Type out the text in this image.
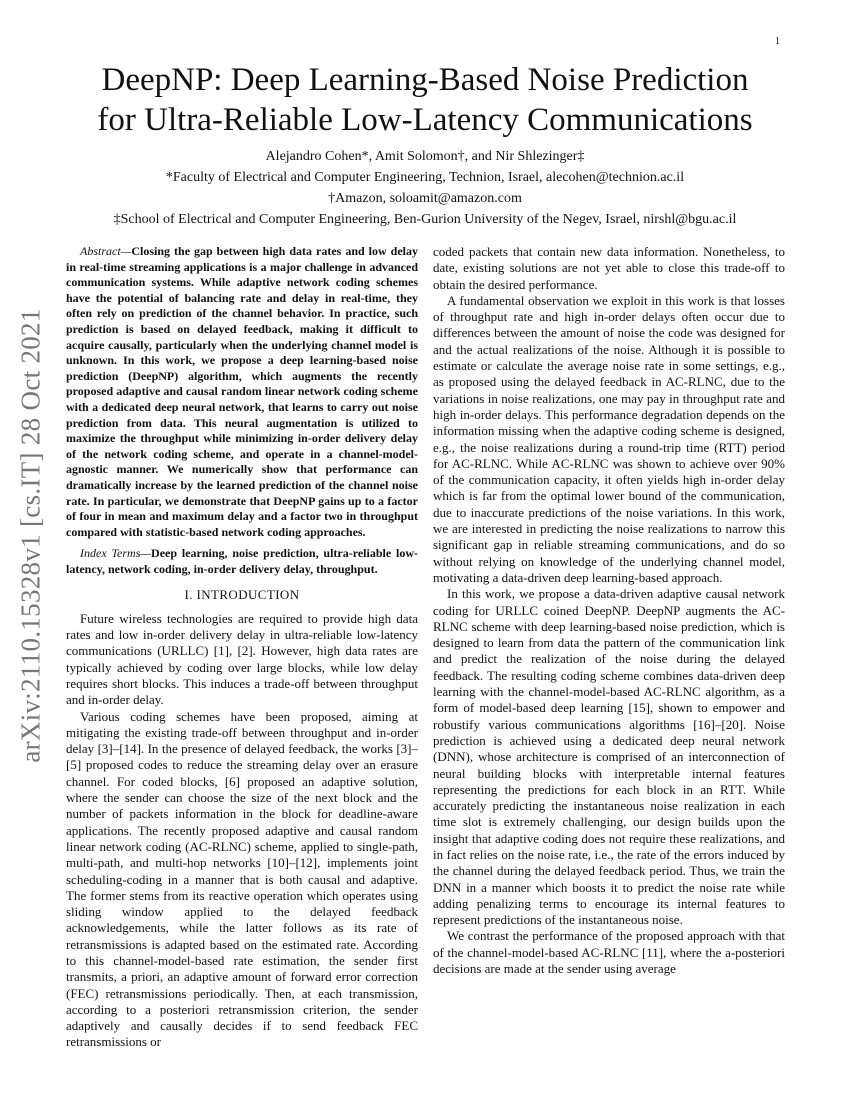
1
arXiv:2110.15328v1 [cs.IT] 28 Oct 2021
DeepNP: Deep Learning-Based Noise Prediction
for Ultra-Reliable Low-Latency Communications
Alejandro Cohen*, Amit Solomon†, and Nir Shlezinger‡
*Faculty of Electrical and Computer Engineering, Technion, Israel, alecohen@technion.ac.il
†Amazon, soloamit@amazon.com
‡School of Electrical and Computer Engineering, Ben-Gurion University of the Negev, Israel, nirshl@bgu.ac.il

Abstract—Closing the gap between high data rates and low delay in real-time streaming applications is a major challenge in advanced communication systems. While adaptive network coding schemes have the potential of balancing rate and delay in real-time, they often rely on prediction of the channel behavior. In practice, such prediction is based on delayed feedback, making it difficult to acquire causally, particularly when the underlying channel model is unknown. In this work, we propose a deep learning-based noise prediction (DeepNP) algorithm, which augments the recently proposed adaptive and causal random linear network coding scheme with a dedicated deep neural network, that learns to carry out noise prediction from data. This neural augmentation is utilized to maximize the throughput while minimizing in-order delivery delay of the network coding scheme, and operate in a channel-model-agnostic manner. We numerically show that performance can dramatically increase by the learned prediction of the channel noise rate. In particular, we demonstrate that DeepNP gains up to a factor of four in mean and maximum delay and a factor two in throughput compared with statistic-based network coding approaches.

Index Terms—Deep learning, noise prediction, ultra-reliable low-latency, network coding, in-order delivery delay, throughput.

I. INTRODUCTION

Future wireless technologies are required to provide high data rates and low in-order delivery delay in ultra-reliable low-latency communications (URLLC) [1], [2]. However, high data rates are typically achieved by coding over large blocks, while low delay requires short blocks. This induces a trade-off between throughput and in-order delay.

Various coding schemes have been proposed, aiming at mitigating the existing trade-off between throughput and in-order delay [3]–[14]. In the presence of delayed feedback, the works [3]–[5] proposed codes to reduce the streaming delay over an erasure channel. For coded blocks, [6] proposed an adaptive solution, where the sender can choose the size of the next block and the number of packets information in the block for deadline-aware applications. The recently proposed adaptive and causal random linear network coding (AC-RLNC) scheme, applied to single-path, multi-path, and multi-hop networks [10]–[12], implements joint scheduling-coding in a manner that is both causal and adaptive. The former stems from its reactive operation which operates using sliding window applied to the delayed feedback acknowledgements, while the latter follows as its rate of retransmissions is adapted based on the estimated rate. According to this channel-model-based rate estimation, the sender first transmits, a priori, an adaptive amount of forward error correction (FEC) retransmissions periodically. Then, at each transmission, according to a posteriori retransmission criterion, the sender adaptively and causally decides if to send feedback FEC retransmissions or

coded packets that contain new data information. Nonetheless, to date, existing solutions are not yet able to close this trade-off to obtain the desired performance.

A fundamental observation we exploit in this work is that losses of throughput rate and high in-order delays often occur due to differences between the amount of noise the code was designed for and the actual realizations of the noise. Although it is possible to estimate or calculate the average noise rate in some settings, e.g., as proposed using the delayed feedback in AC-RLNC, due to the variations in noise realizations, one may pay in throughput rate and high in-order delays. This performance degradation depends on the information missing when the adaptive coding scheme is designed, e.g., the noise realizations during a round-trip time (RTT) period for AC-RLNC. While AC-RLNC was shown to achieve over 90% of the communication capacity, it often yields high in-order delay which is far from the optimal lower bound of the communication, due to inaccurate predictions of the noise variations. In this work, we are interested in predicting the noise realizations to narrow this significant gap in reliable streaming communications, and do so without relying on knowledge of the underlying channel model, motivating a data-driven deep learning-based approach.

In this work, we propose a data-driven adaptive causal network coding for URLLC coined DeepNP. DeepNP augments the AC-RLNC scheme with deep learning-based noise prediction, which is designed to learn from data the pattern of the communication link and predict the realization of the noise during the delayed feedback. The resulting coding scheme combines data-driven deep learning with the channel-model-based AC-RLNC algorithm, as a form of model-based deep learning [15], shown to empower and robustify various communications algorithms [16]–[20]. Noise prediction is achieved using a dedicated deep neural network (DNN), whose architecture is comprised of an interconnection of neural building blocks with interpretable internal features representing the predictions for each block in an RTT. While accurately predicting the instantaneous noise realization in each time slot is extremely challenging, our design builds upon the insight that adaptive coding does not require these realizations, and in fact relies on the noise rate, i.e., the rate of the errors induced by the channel during the delayed feedback period. Thus, we train the DNN in a manner which boosts it to predict the noise rate while adding penalizing terms to encourage its internal features to represent predictions of the instantaneous noise.

We contrast the performance of the proposed approach with that of the channel-model-based AC-RLNC [11], where the a-posteriori decisions are made at the sender using average
